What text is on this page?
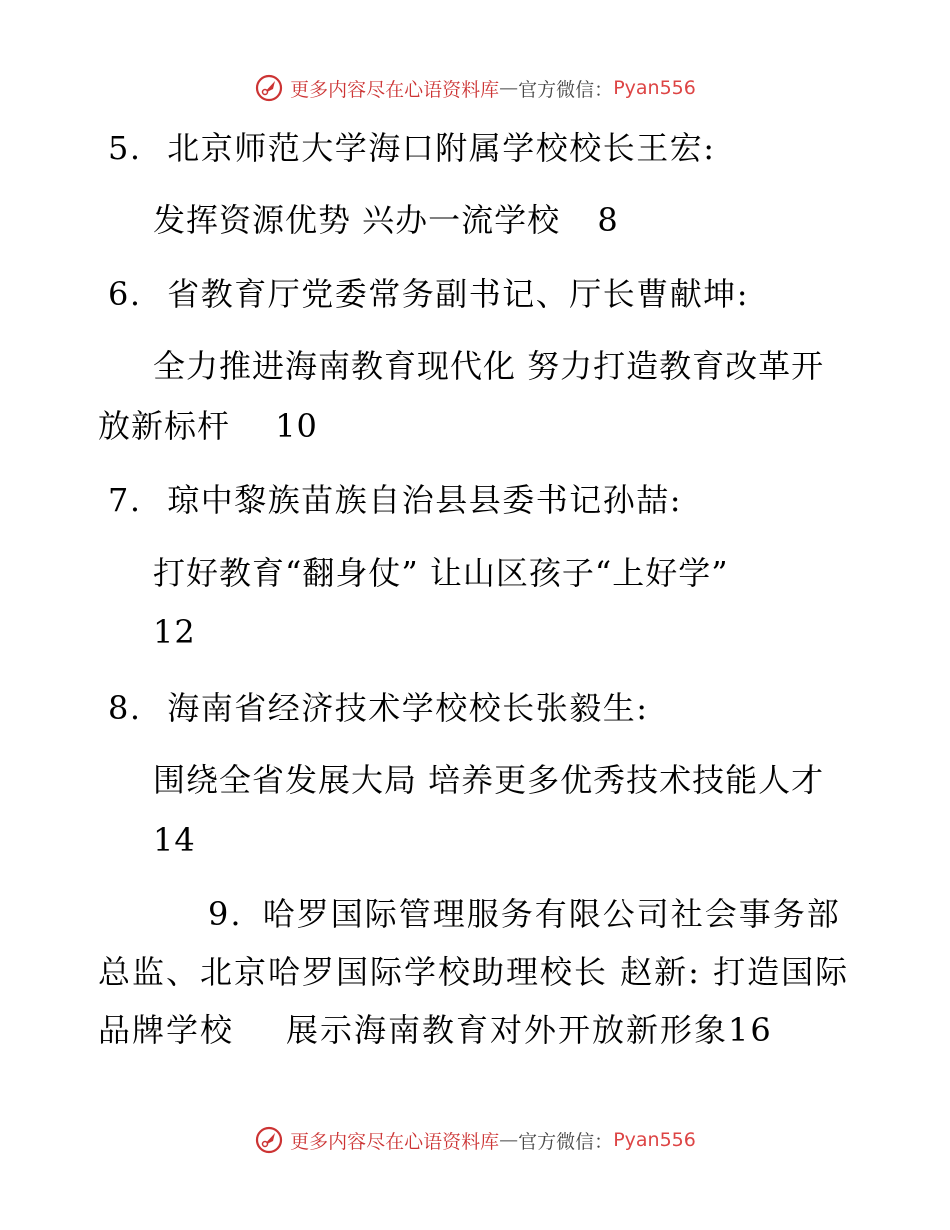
更多内容尽在心语资料库 — 官方微信： Pyan556
5. 北京师范大学海口附属学校校长王宏:
发挥资源优势 兴办一流学校 8
6. 省教育厅党委常务副书记、厅长曹献坤:
全力推进海南教育现代化 努力打造教育改革开
放新标杆 10
7. 琼中黎族苗族自治县县委书记孙喆:
打好教育“翻身仗” 让山区孩子“上好学”
12
8. 海南省经济技术学校校长张毅生:
围绕全省发展大局 培养更多优秀技术技能人才
14
9. 哈罗国际管理服务有限公司社会事务部总监、北京哈罗国际学校助理校长 赵新: 打造国际品牌学校 展示海南教育对外开放新形象16
更多内容尽在心语资料库 — 官方微信： Pyan556
